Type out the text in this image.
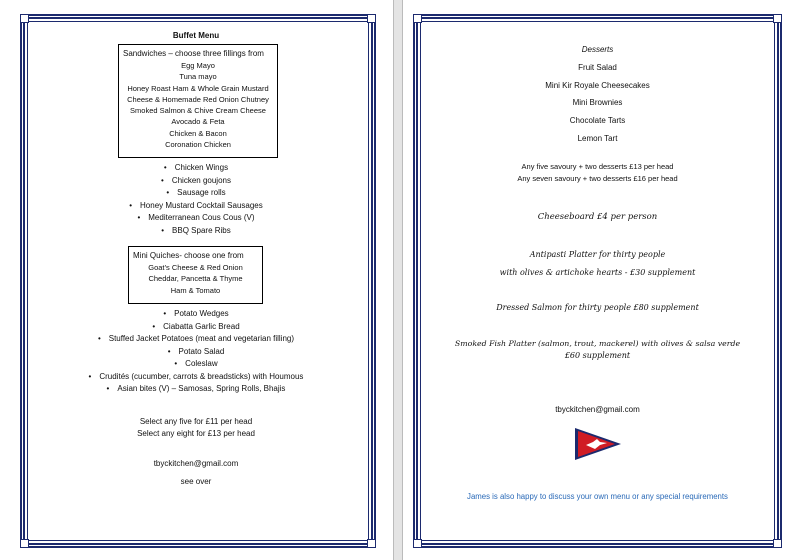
Buffet Menu
Sandwiches – choose three fillings from
Egg Mayo
Tuna mayo
Honey Roast Ham & Whole Grain Mustard
Cheese & Homemade Red Onion Chutney
Smoked Salmon & Chive Cream Cheese
Avocado & Feta
Chicken & Bacon
Coronation Chicken
• Chicken Wings
• Chicken goujons
• Sausage rolls
• Honey Mustard Cocktail Sausages
• Mediterranean Cous Cous (V)
• BBQ Spare Ribs
Mini Quiches- choose one from
Goat’s Cheese & Red Onion
Cheddar, Pancetta & Thyme
Ham & Tomato
• Potato Wedges
• Ciabatta Garlic Bread
• Stuffed Jacket Potatoes (meat and vegetarian filling)
• Potato Salad
• Coleslaw
• Crudités (cucumber, carrots & breadsticks) with Houmous
• Asian bites (V) – Samosas, Spring Rolls, Bhajis
Select any five for £11 per head
Select any eight for £13 per head
tbyckitchen@gmail.com
see over
Desserts
Fruit Salad
Mini Kir Royale Cheesecakes
Mini Brownies
Chocolate Tarts
Lemon Tart
Any five savoury + two desserts £13 per head
Any seven savoury + two desserts £16 per head
Cheeseboard £4 per person
Antipasti Platter for thirty people
with olives & artichoke hearts - £30 supplement
Dressed Salmon for thirty people £80 supplement
Smoked Fish Platter (salmon, trout, mackerel) with olives & salsa verde
£60 supplement
tbyckitchen@gmail.com
James is also happy to discuss your own menu or any special requirements
